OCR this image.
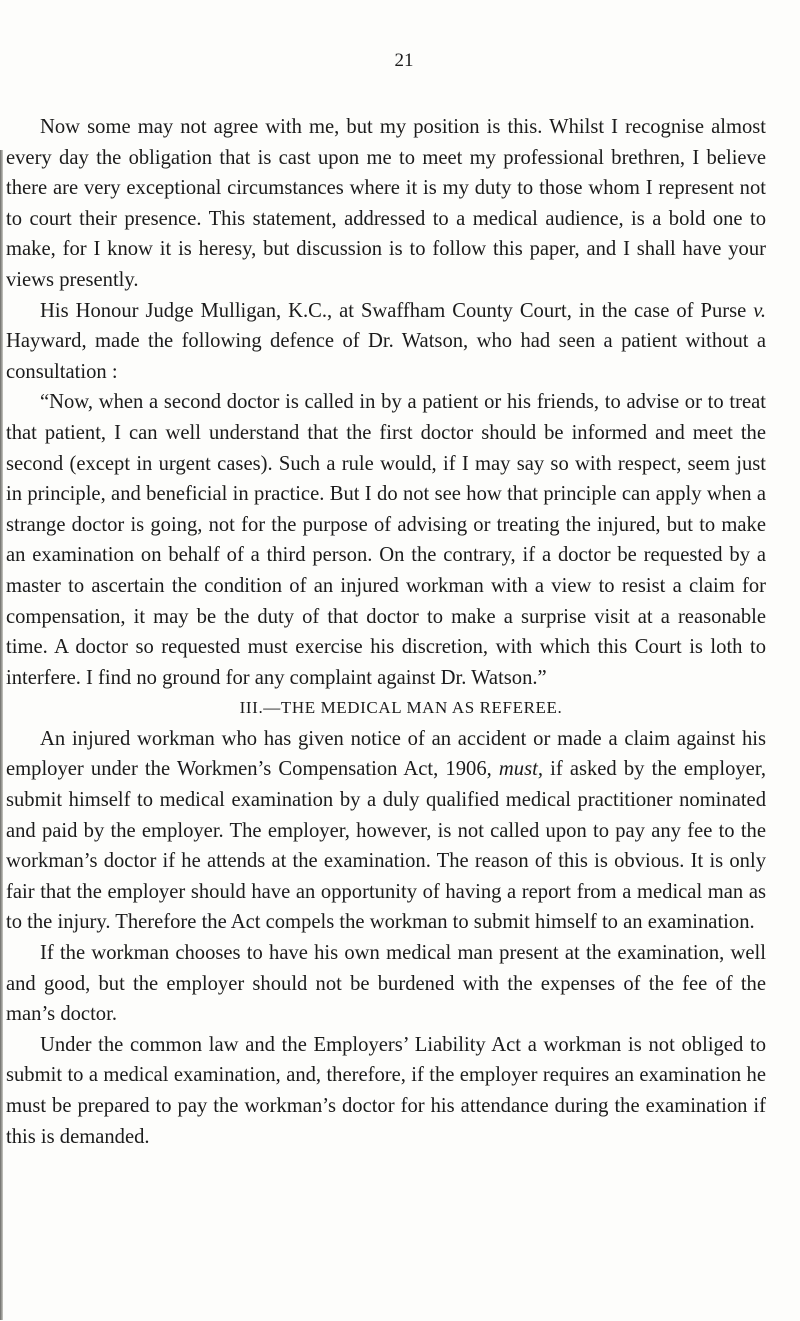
21

Now some may not agree with me, but my position is this. Whilst I recognise almost every day the obligation that is cast upon me to meet my professional brethren, I believe there are very exceptional circumstances where it is my duty to those whom I represent not to court their presence. This statement, addressed to a medical audience, is a bold one to make, for I know it is heresy, but discussion is to follow this paper, and I shall have your views presently.

His Honour Judge Mulligan, K.C., at Swaffham County Court, in the case of Purse v. Hayward, made the following defence of Dr. Watson, who had seen a patient without a consultation :

“Now, when a second doctor is called in by a patient or his friends, to advise or to treat that patient, I can well understand that the first doctor should be informed and meet the second (except in urgent cases). Such a rule would, if I may say so with respect, seem just in principle, and beneficial in practice. But I do not see how that principle can apply when a strange doctor is going, not for the purpose of advising or treating the injured, but to make an examination on behalf of a third person. On the contrary, if a doctor be requested by a master to ascertain the condition of an injured workman with a view to resist a claim for compensation, it may be the duty of that doctor to make a surprise visit at a reasonable time. A doctor so requested must exercise his discretion, with which this Court is loth to interfere. I find no ground for any complaint against Dr. Watson.”

III.—THE MEDICAL MAN AS REFEREE.

An injured workman who has given notice of an accident or made a claim against his employer under the Workmen’s Compensation Act, 1906, must, if asked by the employer, submit himself to medical examination by a duly qualified medical practitioner nominated and paid by the employer. The employer, however, is not called upon to pay any fee to the workman’s doctor if he attends at the examination. The reason of this is obvious. It is only fair that the employer should have an opportunity of having a report from a medical man as to the injury. Therefore the Act compels the workman to submit himself to an examination.

If the workman chooses to have his own medical man present at the examination, well and good, but the employer should not be burdened with the expenses of the fee of the man’s doctor.

Under the common law and the Employers’ Liability Act a workman is not obliged to submit to a medical examination, and, therefore, if the employer requires an examination he must be prepared to pay the workman’s doctor for his attendance during the examination if this is demanded.
